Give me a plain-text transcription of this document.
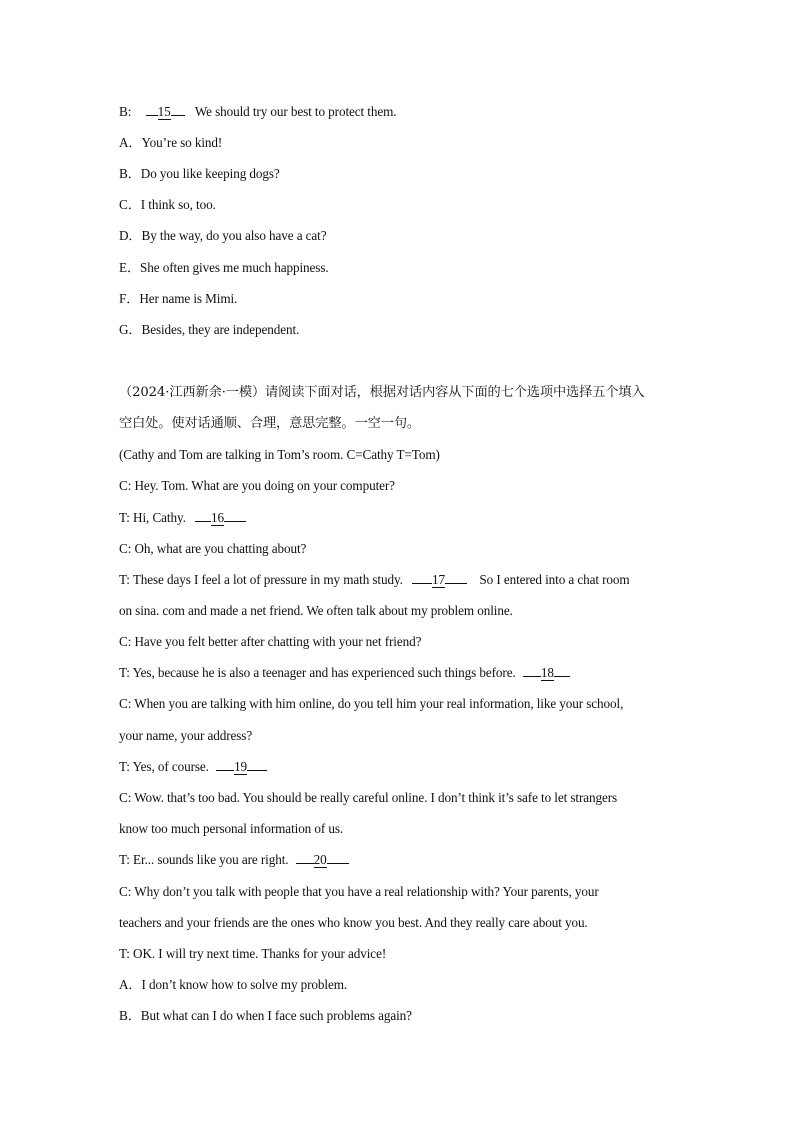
B: 15 We should try our best to protect them.
A．You’re so kind!
B．Do you like keeping dogs?
C．I think so, too.
D．By the way, do you also have a cat?
E．She often gives me much happiness.
F．Her name is Mimi.
G．Besides, they are independent.
（2024·江西新余·一模）请阅读下面对话，根据对话内容从下面的七个选项中选择五个填入
空白处。使对话通顺、合理，意思完整。一空一句。
(Cathy and Tom are talking in Tom’s room. C=Cathy T=Tom)
C: Hey. Tom. What are you doing on your computer?
T: Hi, Cathy. 16
C: Oh, what are you chatting about?
T: These days I feel a lot of pressure in my math study. 17	So I entered into a chat room
on sina. com and made a net friend. We often talk about my problem online.
C: Have you felt better after chatting with your net friend?
T: Yes, because he is also a teenager and has experienced such things before. 18
C: When you are talking with him online, do you tell him your real information, like your school,
your name, your address?
T: Yes, of course. 19
C: Wow. that’s too bad. You should be really careful online. I don’t think it’s safe to let strangers
know too much personal information of us.
T: Er... sounds like you are right. 20
C: Why don’t you talk with people that you have a real relationship with? Your parents, your
teachers and your friends are the ones who know you best. And they really care about you.
T: OK. I will try next time. Thanks for your advice!
A．I don’t know how to solve my problem.
B．But what can I do when I face such problems again?
